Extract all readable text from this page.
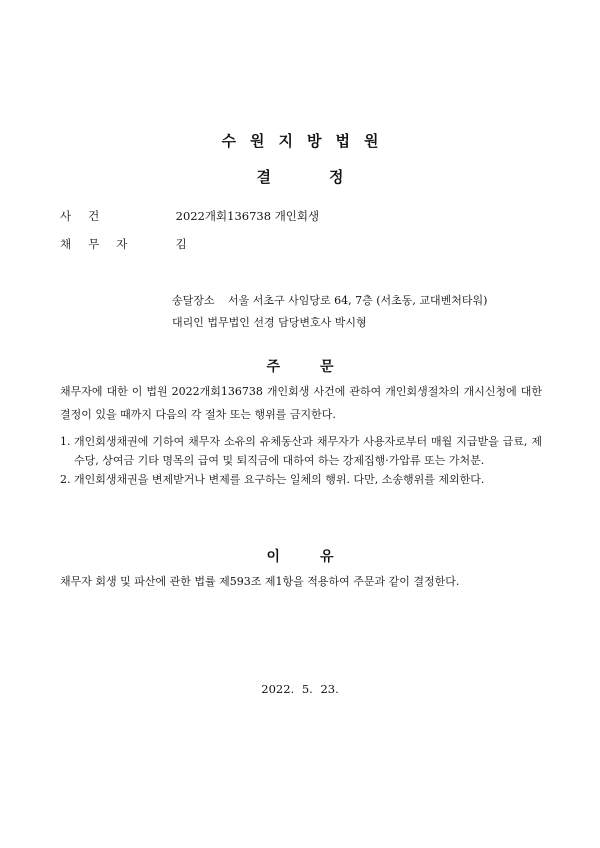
수원지방법원
결정
사건	2022개회136738 개인회생
채무자	김
송달장소 서울 서초구 사임당로 64, 7층 (서초동, 교대벤처타워)
대리인 법무법인 선경 담당변호사 박시형
주문
채무자에 대한 이 법원 2022개회136738 개인회생 사건에 관하여 개인회생절차의 개시신청에 대한 결정이 있을 때까지 다음의 각 절차 또는 행위를 금지한다.
1. 개인회생채권에 기하여 채무자 소유의 유체동산과 채무자가 사용자로부터 매월 지급받을 급료, 제수당, 상여금 기타 명목의 급여 및 퇴직금에 대하여 하는 강제집행·가압류 또는 가처분.
2. 개인회생채권을 변제받거나 변제를 요구하는 일체의 행위. 다만, 소송행위를 제외한다.
이유
채무자 회생 및 파산에 관한 법률 제593조 제1항을 적용하여 주문과 같이 결정한다.
2022. 5. 23.
